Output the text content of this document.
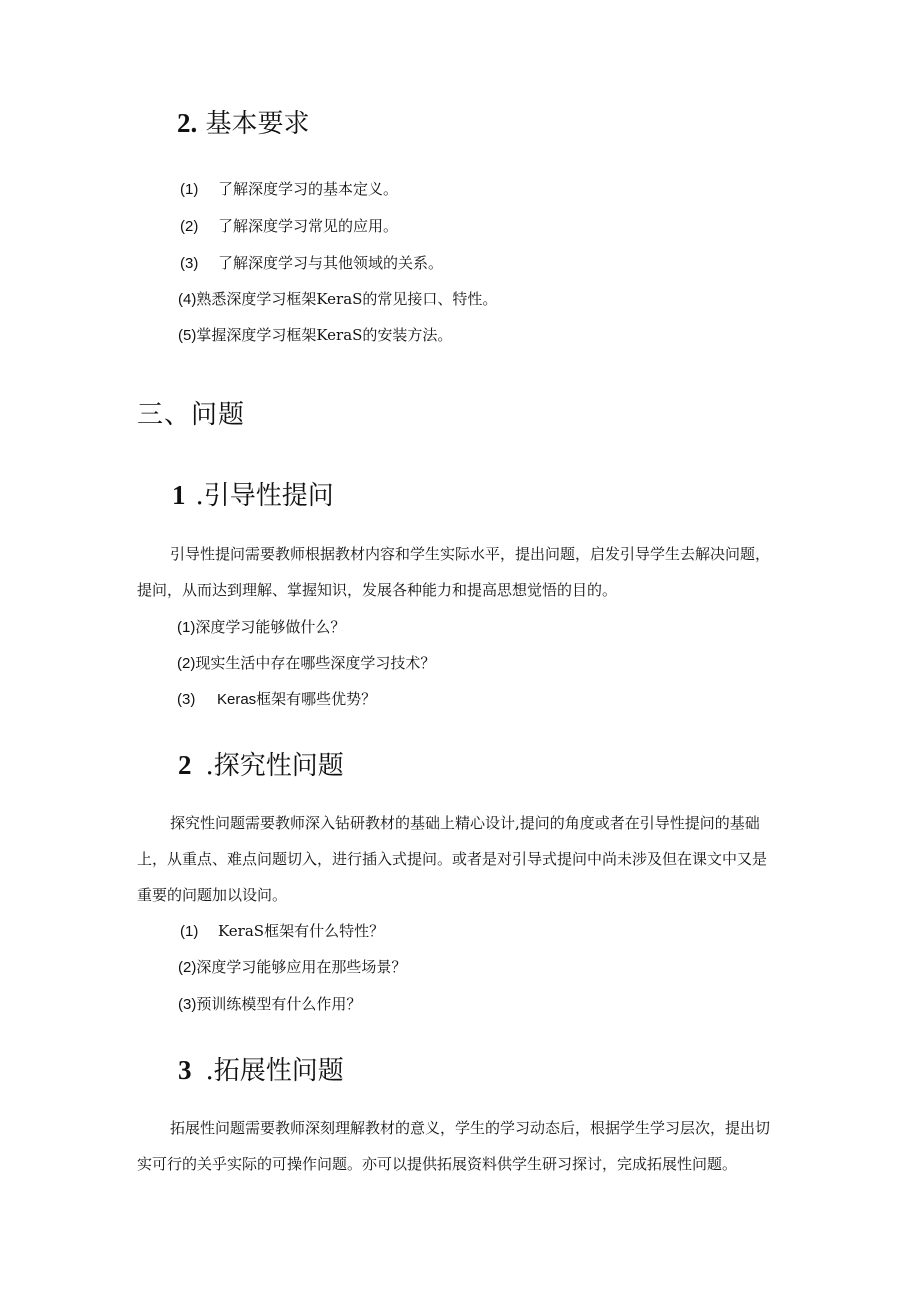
2. 基本要求
(1) 了解深度学习的基本定义。
(2) 了解深度学习常见的应用。
(3) 了解深度学习与其他领域的关系。
(4)熟悉深度学习框架KeraS的常见接口、特性。
(5)掌握深度学习框架KeraS的安装方法。
三、问题
1 .引导性提问
引导性提问需要教师根据教材内容和学生实际水平，提出问题，启发引导学生去解决问题，
提问，从而达到理解、掌握知识，发展各种能力和提高思想觉悟的目的。
(1)深度学习能够做什么？
(2)现实生活中存在哪些深度学习技术？
(3) Keras框架有哪些优势？
2 .探究性问题
探究性问题需要教师深入钻研教材的基础上精心设计,提问的角度或者在引导性提问的基础
上，从重点、难点问题切入，进行插入式提问。或者是对引导式提问中尚未涉及但在课文中又是
重要的问题加以设问。
(1) KeraS框架有什么特性？
(2)深度学习能够应用在那些场景？
(3)预训练模型有什么作用？
3 .拓展性问题
拓展性问题需要教师深刻理解教材的意义，学生的学习动态后，根据学生学习层次，提出切
实可行的关乎实际的可操作问题。亦可以提供拓展资料供学生研习探讨，完成拓展性问题。
